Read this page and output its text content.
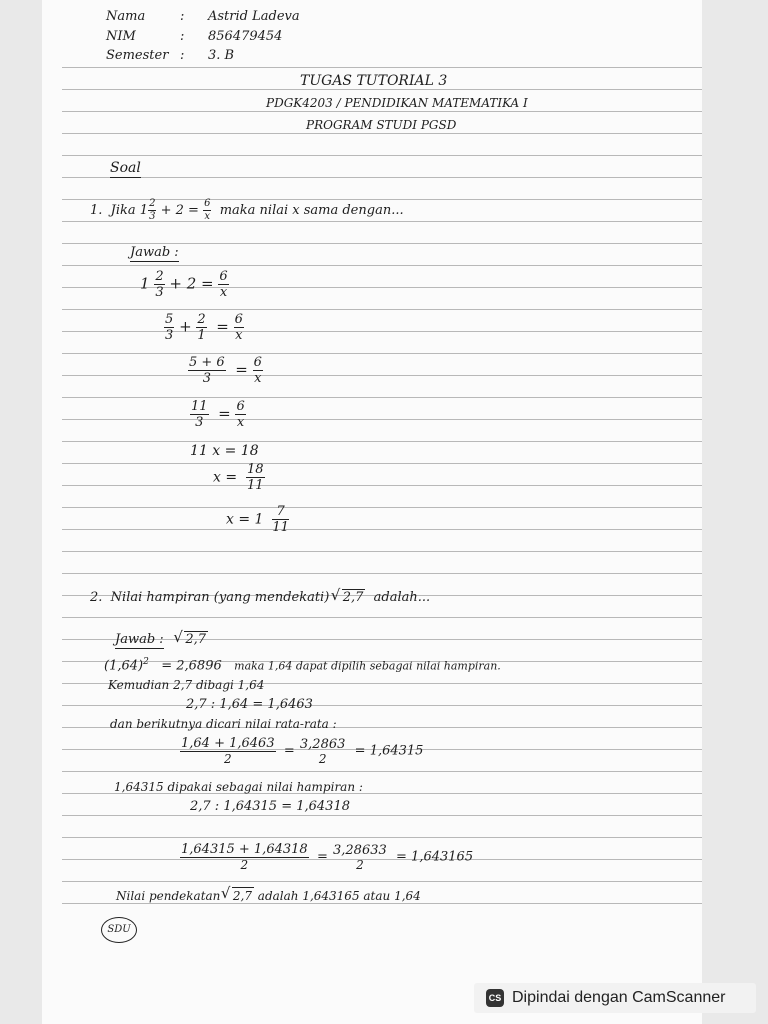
Nama	: Astrid Ladeva

NIM	: 856479454

Semester : 3. B

TUGAS TUTORIAL 3

PDGK4203 / PENDIDIKAN MATEMATIKA I

PROGRAM STUDI PGSD

Soal

1. Jika $1 \frac{2}{3} + 2 = \frac{6}{x}$ maka nilai x sama dengan...

Jawab :

$1 \frac{2}{3} + 2 = \frac{6}{x}$

$\frac{5}{3} + \frac{2}{1} = \frac{6}{x}$

$\frac{5 + 6}{3} = \frac{6}{x}$

$\frac{11}{3} = \frac{6}{x}$

11 x = 18

$x = \frac{18}{11}$

$x = 1 \frac{7}{11}$

2. Nilai hampiran (yang mendekati) √ 2,7 adalah...

Jawab : √ 2,7

$(1,64)^2 = 2,6896$ maka 1,64 dapat dipilih sebagai nilai hampiran.

Kemudian 2,7 dibagi 1,64

2,7 : 1,64 = 1,6463

dan berikutnya dicari nilai rata-rata :

$\frac{1,64 + 1,6463}{2} = 3,2863$
2	= 1,64315

1,64315 dipakai sebagai nilai hampiran :

2,7 : 1,64315 = 1,64318

$\frac{1,64315 + 1,64318}{2} = 3,28633$
2	= 1,643165

Nilai pendekatan √ 2,7 adalah 1,643165 atau 1,64

SDU
CS Dipindai dengan CamScanner
